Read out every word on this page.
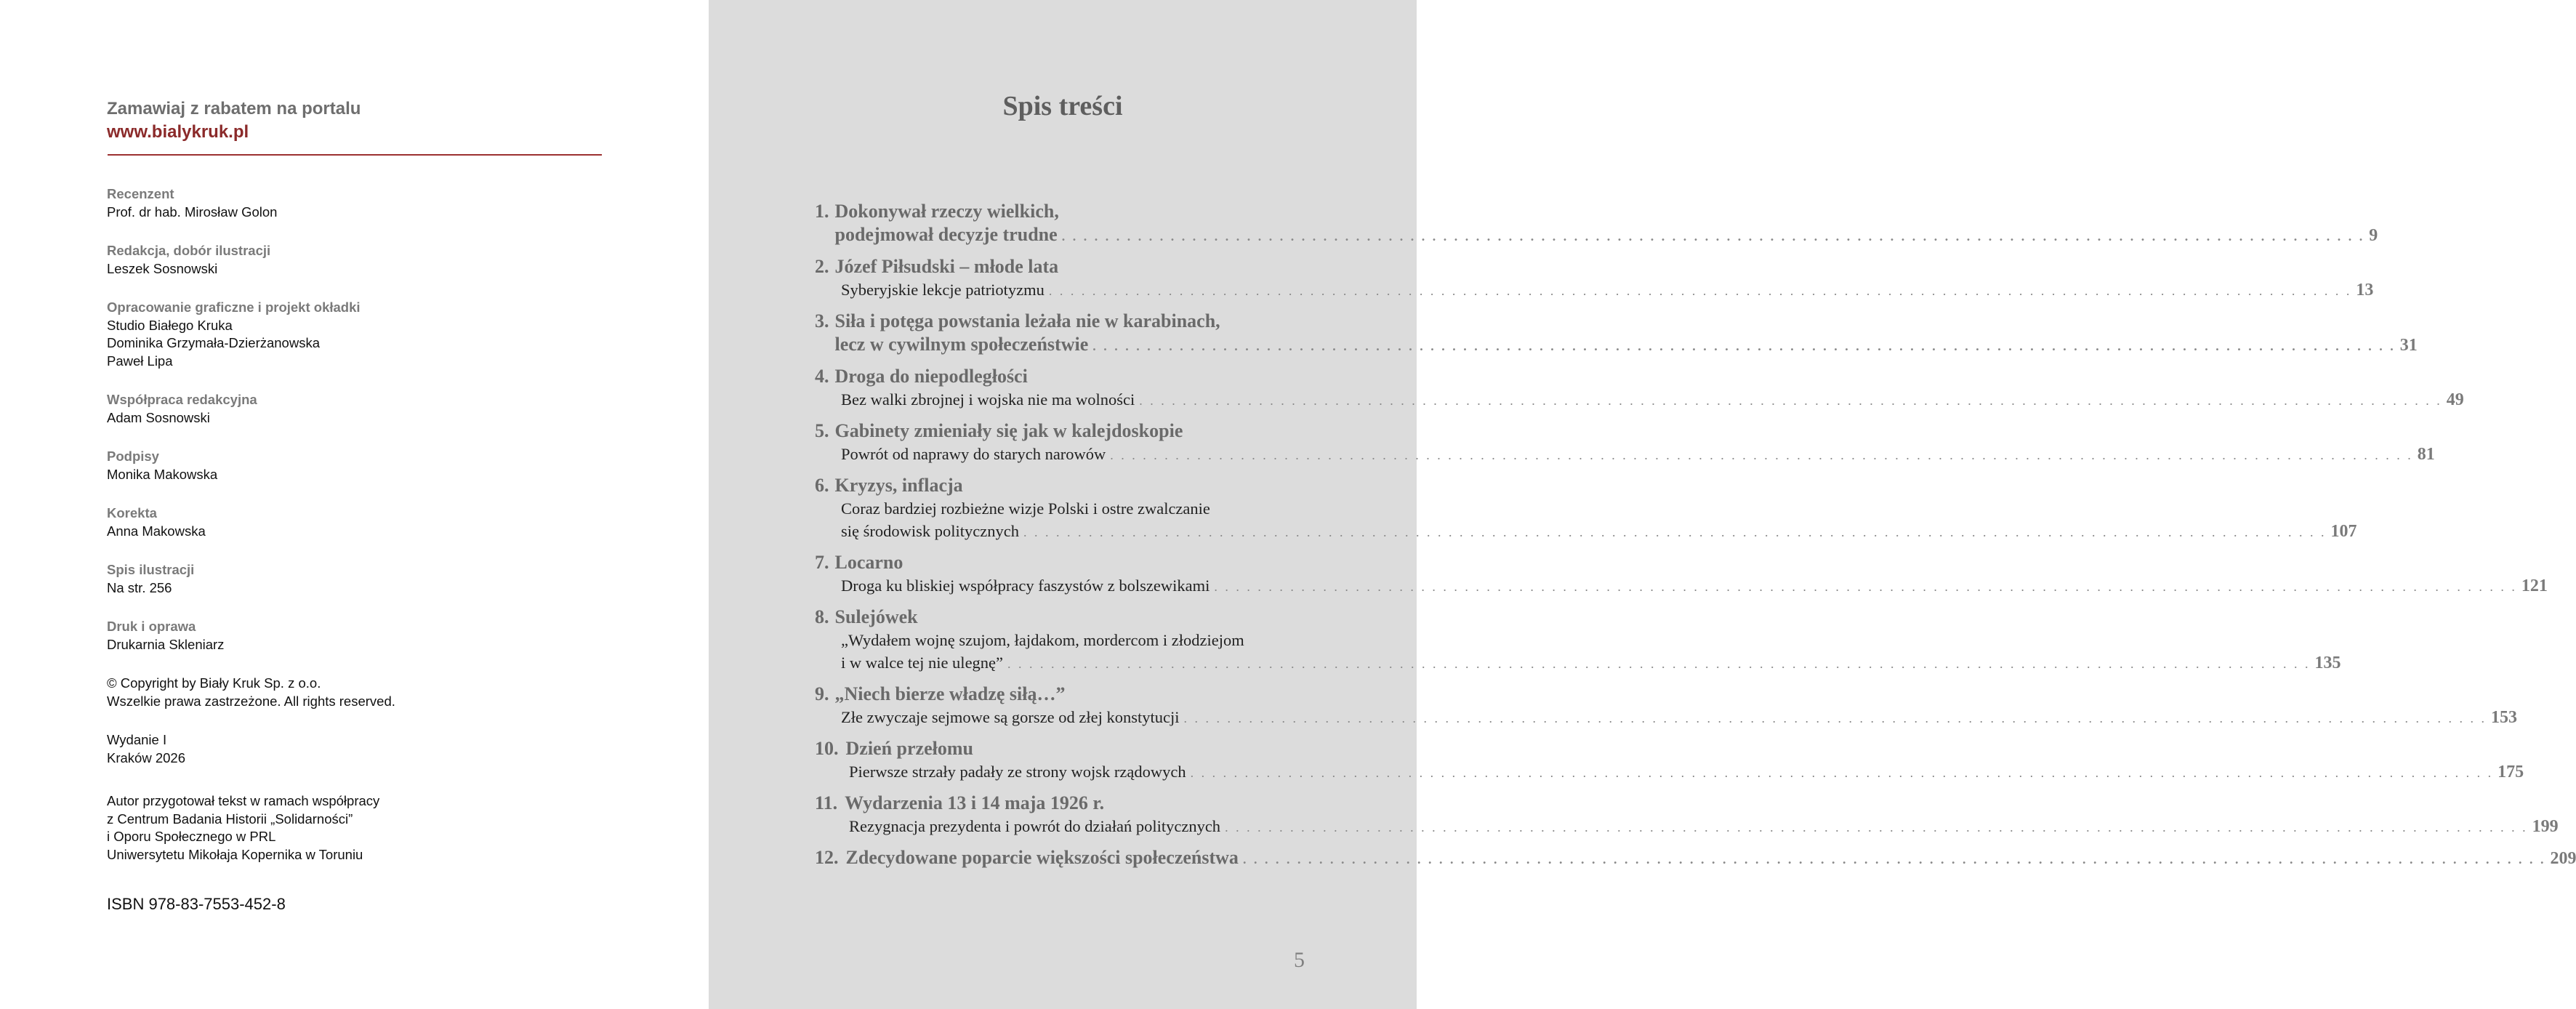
Zamawiaj z rabatem na portalu
www.bialykruk.pl
Recenzent
Prof. dr hab. Mirosław Golon
Redakcja, dobór ilustracji
Leszek Sosnowski
Opracowanie graficzne i projekt okładki
Studio Białego Kruka
Dominika Grzymała-Dzierżanowska
Paweł Lipa
Współpraca redakcyjna
Adam Sosnowski
Podpisy
Monika Makowska
Korekta
Anna Makowska
Spis ilustracji
Na str. 256
Druk i oprawa
Drukarnia Skleniarz
© Copyright by Biały Kruk Sp. z o.o.
Wszelkie prawa zastrzeżone. All rights reserved.
Wydanie I
Kraków 2026
Autor przygotował tekst w ramach współpracy
z Centrum Badania Historii „Solidarności”
i Oporu Społecznego w PRL
Uniwersytetu Mikołaja Kopernika w Toruniu
ISBN 978-83-7553-452-8
Spis treści
1. Dokonywał rzeczy wielkich,
podejmował decyzje trudne . . . . . . . . . . . . . . . . . . . . . . . . . . . . . . . . . . . . . . . . . . . . . . . . . . . . . . . . . . . . . . . . . . . . . . . . . . . . . . . . . . . . . . . . . . . . . . . . . . . . . . . . . . . . . . . . . . . . . . . . 9
2. Józef Piłsudski – młode lata
Syberyjskie lekcje patriotyzmu . . . . . . . . . . . . . . . . . . . . . . . . . . . . . . . . . . . . . . . . . . . . . . . . . . . . . . . . . . . . . . . . . . . . . . . . . . . . . . . . . . . . . . . . . . . . . . . . . . . . . . . . . . . . . . . . . . . . . . . . 13
3. Siła i potęga powstania leżała nie w karabinach,
lecz w cywilnym społeczeństwie . . . . . . . . . . . . . . . . . . . . . . . . . . . . . . . . . . . . . . . . . . . . . . . . . . . . . . . . . . . . . . . . . . . . . . . . . . . . . . . . . . . . . . . . . . . . . . . . . . . . . . . . . . . . . . . . . . . . . . . . 31
4. Droga do niepodległości
Bez walki zbrojnej i wojska nie ma wolności . . . . . . . . . . . . . . . . . . . . . . . . . . . . . . . . . . . . . . . . . . . . . . . . . . . . . . . . . . . . . . . . . . . . . . . . . . . . . . . . . . . . . . . . . . . . . . . . . . . . . . . . . . . . . . . . . . . . . . . . 49
5. Gabinety zmieniały się jak w kalejdoskopie
Powrót od naprawy do starych narowów . . . . . . . . . . . . . . . . . . . . . . . . . . . . . . . . . . . . . . . . . . . . . . . . . . . . . . . . . . . . . . . . . . . . . . . . . . . . . . . . . . . . . . . . . . . . . . . . . . . . . . . . . . . . . . . . . . . . . . . . 81
6. Kryzys, inflacja
Coraz bardziej rozbieżne wizje Polski i ostre zwalczanie
się środowisk politycznych . . . . . . . . . . . . . . . . . . . . . . . . . . . . . . . . . . . . . . . . . . . . . . . . . . . . . . . . . . . . . . . . . . . . . . . . . . . . . . . . . . . . . . . . . . . . . . . . . . . . . . . . . . . . . . . . . . . . . . . . 107
7. Locarno
Droga ku bliskiej współpracy faszystów z bolszewikami . . . . . . . . . . . . . . . . . . . . . . . . . . . . . . . . . . . . . . . . . . . . . . . . . . . . . . . . . . . . . . . . . . . . . . . . . . . . . . . . . . . . . . . . . . . . . . . . . . . . . . . . . . . . . . . . . . . . . . . . 121
8. Sulejówek
„Wydałem wojnę szujom, łajdakom, mordercom i złodziejom
i w walce tej nie ulegnę” . . . . . . . . . . . . . . . . . . . . . . . . . . . . . . . . . . . . . . . . . . . . . . . . . . . . . . . . . . . . . . . . . . . . . . . . . . . . . . . . . . . . . . . . . . . . . . . . . . . . . . . . . . . . . . . . . . . . . . . . 135
9. „Niech bierze władzę siłą…”
Złe zwyczaje sejmowe są gorsze od złej konstytucji . . . . . . . . . . . . . . . . . . . . . . . . . . . . . . . . . . . . . . . . . . . . . . . . . . . . . . . . . . . . . . . . . . . . . . . . . . . . . . . . . . . . . . . . . . . . . . . . . . . . . . . . . . . . . . . . . . . . . . . . 153
10. Dzień przełomu
Pierwsze strzały padały ze strony wojsk rządowych . . . . . . . . . . . . . . . . . . . . . . . . . . . . . . . . . . . . . . . . . . . . . . . . . . . . . . . . . . . . . . . . . . . . . . . . . . . . . . . . . . . . . . . . . . . . . . . . . . . . . . . . . . . . . . . . . . . . . . . . 175
11. Wydarzenia 13 i 14 maja 1926 r.
Rezygnacja prezydenta i powrót do działań politycznych . . . . . . . . . . . . . . . . . . . . . . . . . . . . . . . . . . . . . . . . . . . . . . . . . . . . . . . . . . . . . . . . . . . . . . . . . . . . . . . . . . . . . . . . . . . . . . . . . . . . . . . . . . . . . . . . . . . . . . . . 199
12. Zdecydowane poparcie większości społeczeństwa . . . . . . . . . . . . . . . . . . . . . . . . . . . . . . . . . . . . . . . . . . . . . . . . . . . . . . . . . . . . . . . . . . . . . . . . . . . . . . . . . . . . . . . . . . . . . . . . . . . . . . . . . . . . . . . . . . . . . . . . 209
5
